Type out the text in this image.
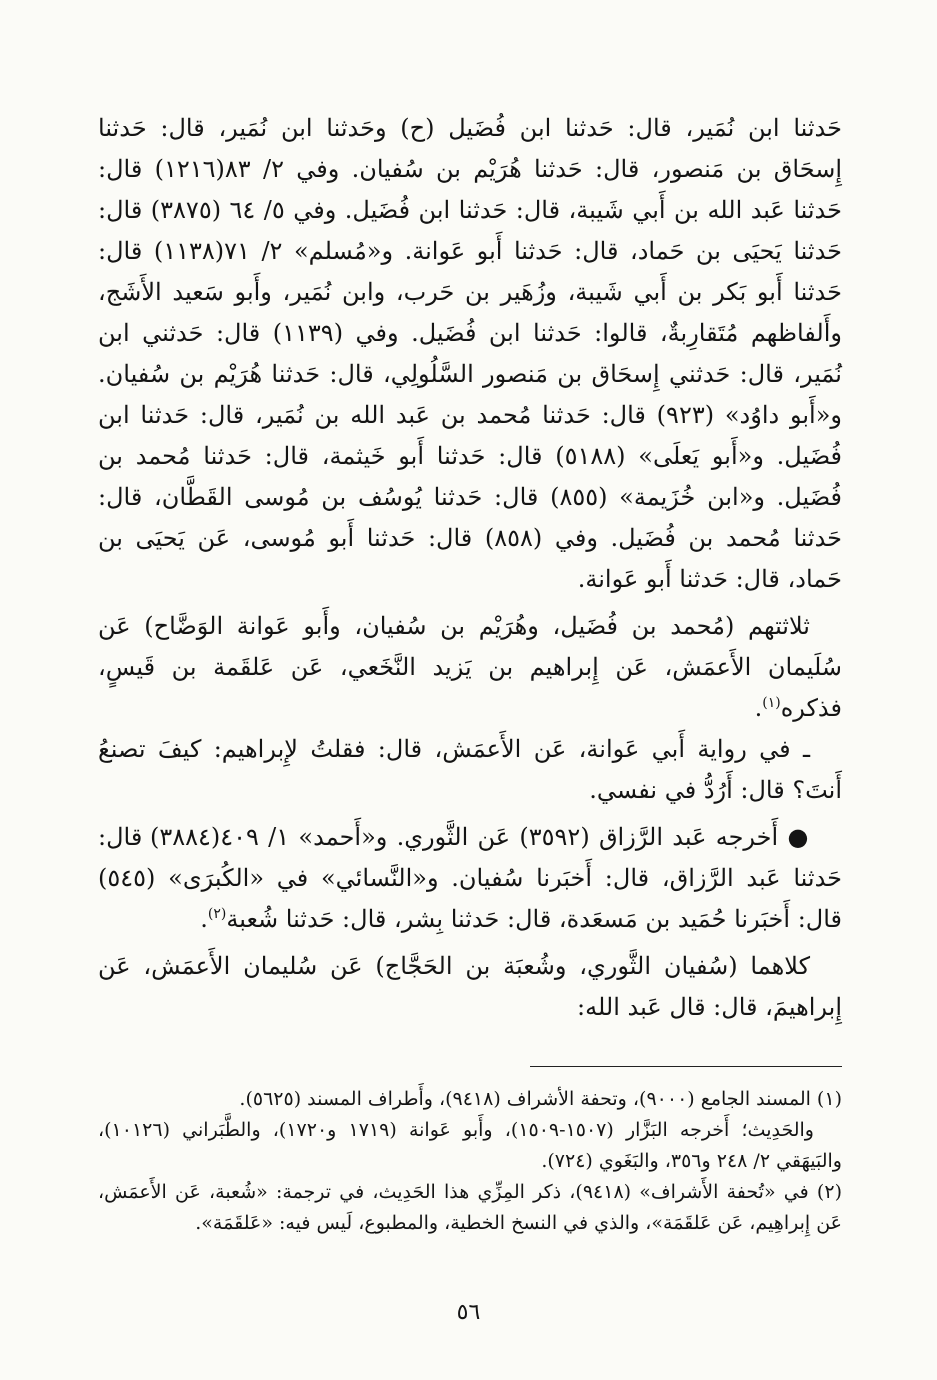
حَدثنا ابن نُمَير، قال: حَدثنا ابن فُضَيل (ح) وحَدثنا ابن نُمَير، قال: حَدثنا إِسحَاق بن مَنصور، قال: حَدثنا هُرَيْم بن سُفيان. وفي ٢/ ٨٣(١٢١٦) قال: حَدثنا عَبد الله بن أَبي شَيبة، قال: حَدثنا ابن فُضَيل. وفي ٥/ ٦٤ (٣٨٧٥) قال: حَدثنا يَحيَى بن حَماد، قال: حَدثنا أَبو عَوانة. و«مُسلم» ٢/ ٧١(١١٣٨) قال: حَدثنا أَبو بَكر بن أَبي شَيبة، وزُهَير بن حَرب، وابن نُمَير، وأَبو سَعيد الأَشَج، وأَلفاظهم مُتَقارِبةٌ، قالوا: حَدثنا ابن فُضَيل. وفي (١١٣٩) قال: حَدثني ابن نُمَير، قال: حَدثني إِسحَاق بن مَنصور السَّلُولِي، قال: حَدثنا هُرَيْم بن سُفيان. و«أَبو داوُد» (٩٢٣) قال: حَدثنا مُحمد بن عَبد الله بن نُمَير، قال: حَدثنا ابن فُضَيل. و«أَبو يَعلَى» (٥١٨٨) قال: حَدثنا أَبو خَيثمة، قال: حَدثنا مُحمد بن فُضَيل. و«ابن خُزَيمة» (٨٥٥) قال: حَدثنا يُوسُف بن مُوسى القَطَّان، قال: حَدثنا مُحمد بن فُضَيل. وفي (٨٥٨) قال: حَدثنا أَبو مُوسى، عَن يَحيَى بن حَماد، قال: حَدثنا أَبو عَوانة.

ثلاثتهم (مُحمد بن فُضَيل، وهُرَيْم بن سُفيان، وأَبو عَوانة الوَضَّاح) عَن سُلَيمان الأَعمَش، عَن إِبراهيم بن يَزيد النَّخَعي، عَن عَلقَمة بن قَيسٍ، فذكره$^{(١)}$.

ـ في رواية أَبي عَوانة، عَن الأَعمَش، قال: فقلتُ لإِبراهيم: كيفَ تصنعُ أَنتَ؟ قال: أَرُدُّ في نفسي.

● أَخرجه عَبد الرَّزاق (٣٥٩٢) عَن الثَّوري. و«أَحمد» ١/ ٤٠٩(٣٨٨٤) قال: حَدثنا عَبد الرَّزاق، قال: أَخبَرنا سُفيان. و«النَّسائي» في «الكُبرَى» (٥٤٥) قال: أَخبَرنا حُمَيد بن مَسعَدة، قال: حَدثنا بِشر، قال: حَدثنا شُعبة$^{(٢)}$.

كلاهما (سُفيان الثَّوري، وشُعبَة بن الحَجَّاج) عَن سُليمان الأَعمَش، عَن إِبراهيمَ، قال: قال عَبد الله:

(١) المسند الجامع (٩٠٠٠)، وتحفة الأشراف (٩٤١٨)، وأَطراف المسند (٥٦٢٥).

والحَدِيث؛ أَخرجه البَزَّار (١٥٠٧-١٥٠٩)، وأَبو عَوانة (١٧١٩ و١٧٢٠)، والطَّبَراني (١٠١٢٦)، والبَيهَقي ٢/ ٢٤٨ و٣٥٦، والبَغَوي (٧٢٤).

(٢) في «تُحفة الأَشراف» (٩٤١٨)، ذكر المِزِّي هذا الحَدِيث، في ترجمة: «شُعبة، عَن الأَعمَش، عَن إِبراهِيم، عَن عَلقَمَة»، والذي في النسخ الخطية، والمطبوع، لَيس فيه: «عَلقَمَة».

٥٦
